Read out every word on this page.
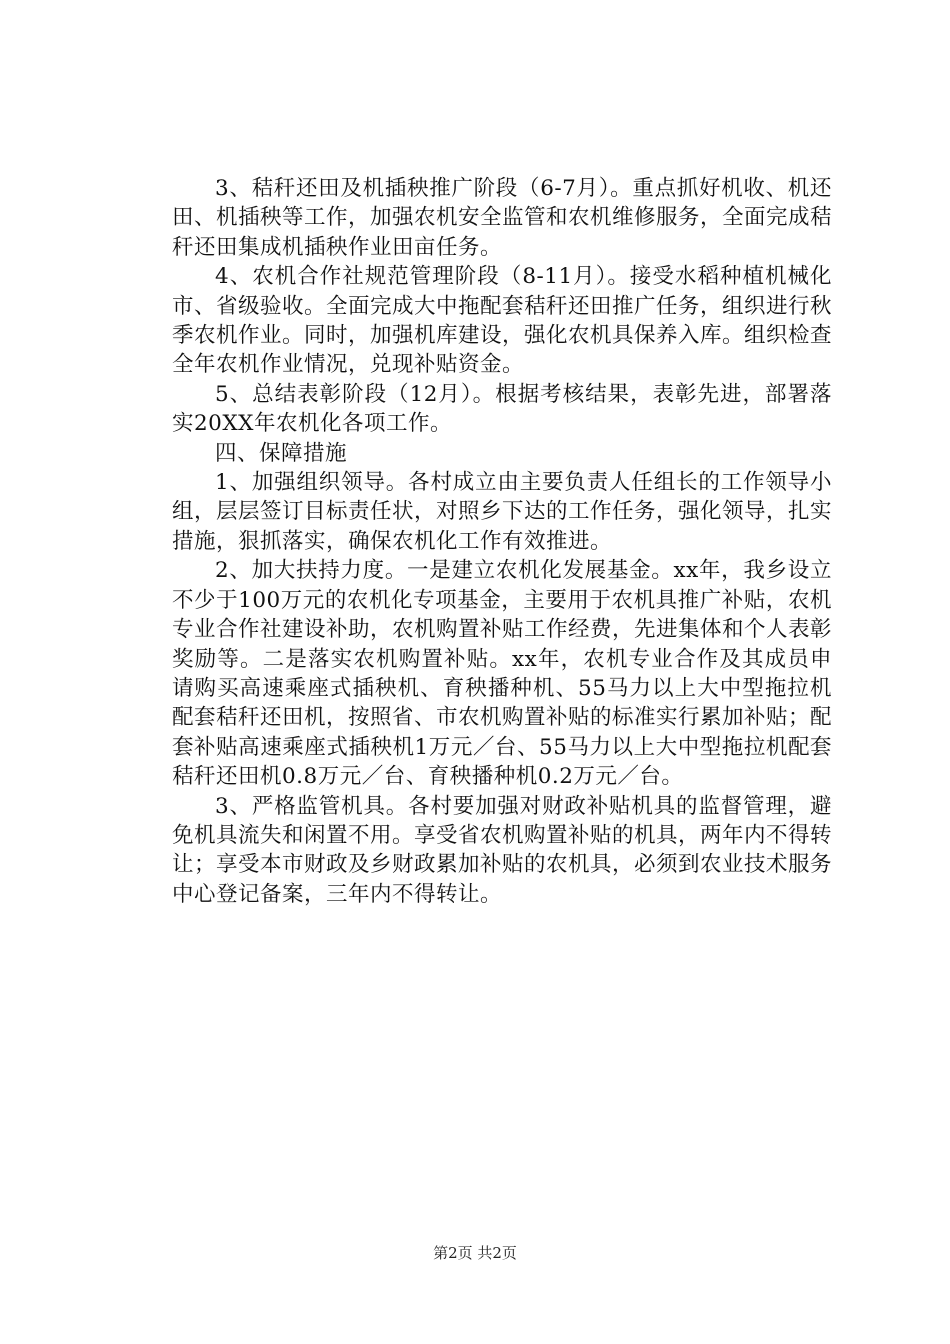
3、秸秆还田及机插秧推广阶段（6-7月）。重点抓好机收、机还田、机插秧等工作，加强农机安全监管和农机维修服务，全面完成秸秆还田集成机插秧作业田亩任务。

4、农机合作社规范管理阶段（8-11月）。接受水稻种植机械化市、省级验收。全面完成大中拖配套秸秆还田推广任务，组织进行秋季农机作业。同时，加强机库建设，强化农机具保养入库。组织检查全年农机作业情况，兑现补贴资金。

5、总结表彰阶段（12月）。根据考核结果，表彰先进，部署落实20XX年农机化各项工作。

四、保障措施

1、加强组织领导。各村成立由主要负责人任组长的工作领导小组，层层签订目标责任状，对照乡下达的工作任务，强化领导，扎实措施，狠抓落实，确保农机化工作有效推进。

2、加大扶持力度。一是建立农机化发展基金。xx年，我乡设立不少于100万元的农机化专项基金，主要用于农机具推广补贴，农机专业合作社建设补助，农机购置补贴工作经费，先进集体和个人表彰奖励等。二是落实农机购置补贴。xx年，农机专业合作及其成员申请购买高速乘座式插秧机、育秧播种机、55马力以上大中型拖拉机配套秸秆还田机，按照省、市农机购置补贴的标准实行累加补贴；配套补贴高速乘座式插秧机1万元／台、55马力以上大中型拖拉机配套秸秆还田机0.8万元／台、育秧播种机0.2万元／台。

3、严格监管机具。各村要加强对财政补贴机具的监督管理，避免机具流失和闲置不用。享受省农机购置补贴的机具，两年内不得转让；享受本市财政及乡财政累加补贴的农机具，必须到农业技术服务中心登记备案，三年内不得转让。

第2页 共2页
